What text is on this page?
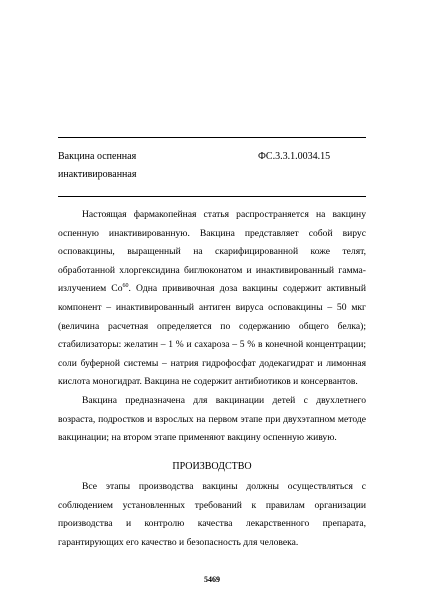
Вакцина оспенная
инактивированная
ФС.3.3.1.0034.15

Настоящая фармакопейная статья распространяется на вакцину оспенную инактивированную. Вакцина представляет собой вирус осповакцины, выращенный на скарифицированной коже телят, обработанной хлоргексидина биглюконатом и инактивированный гамма-излучением Co$^{60}$. Одна прививочная доза вакцины содержит активный компонент – инактивированный антиген вируса осповакцины – 50 мкг (величина расчетная определяется по содержанию общего белка); стабилизаторы: желатин – 1 % и сахароза – 5 % в конечной концентрации; соли буферной системы – натрия гидрофосфат додекагидрат и лимонная кислота моногидрат. Вакцина не содержит антибиотиков и консервантов.

Вакцина предназначена для вакцинации детей с двухлетнего возраста, подростков и взрослых на первом этапе при двухэтапном методе вакцинации; на втором этапе применяют вакцину оспенную живую.

ПРОИЗВОДСТВО

Все этапы производства вакцины должны осуществляться с соблюдением установленных требований к правилам организации производства и контролю качества лекарственного препарата, гарантирующих его качество и безопасность для человека.

5469
